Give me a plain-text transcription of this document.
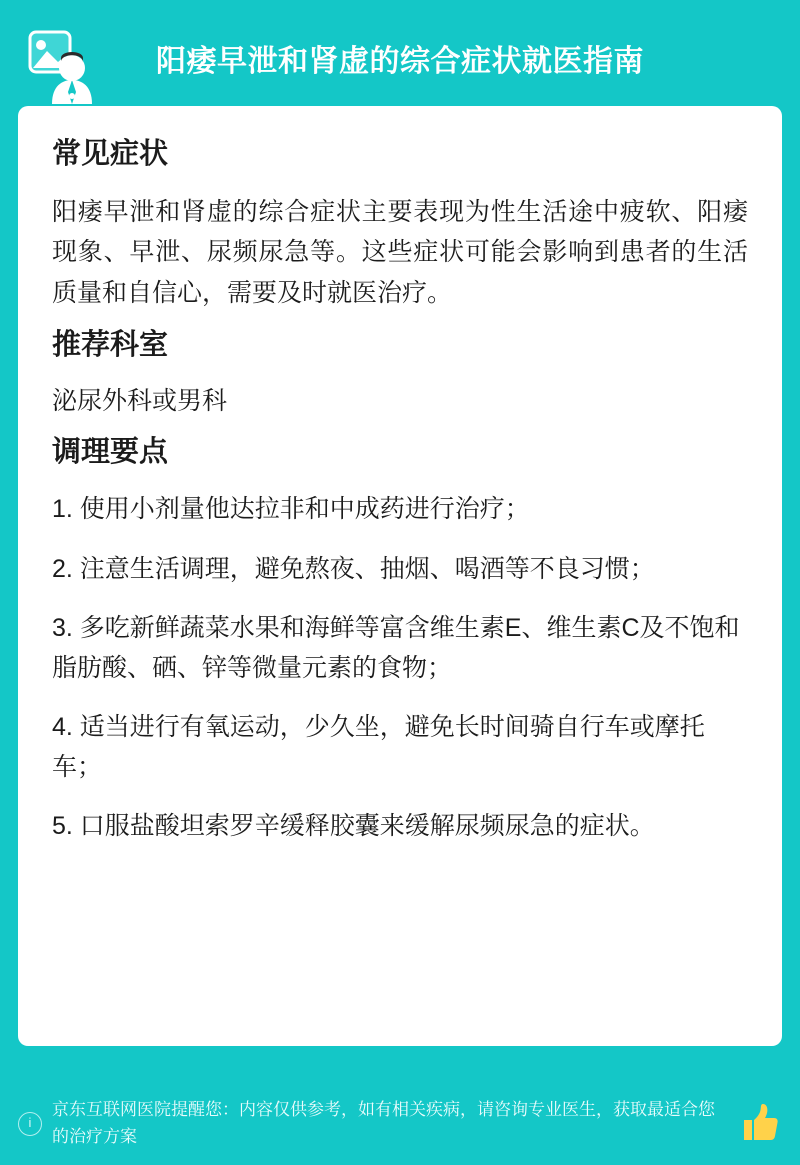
阳痿早泄和肾虚的综合症状就医指南
常见症状

阳痿早泄和肾虚的综合症状主要表现为性生活途中疲软、阳痿现象、早泄、尿频尿急等。这些症状可能会影响到患者的生活质量和自信心，需要及时就医治疗。

推荐科室

泌尿外科或男科

调理要点
1. 使用小剂量他达拉非和中成药进行治疗；
2. 注意生活调理，避免熬夜、抽烟、喝酒等不良习惯；
3. 多吃新鲜蔬菜水果和海鲜等富含维生素E、维生素C及不饱和脂肪酸、硒、锌等微量元素的食物；
4. 适当进行有氧运动，少久坐，避免长时间骑自行车或摩托车；
5. 口服盐酸坦索罗辛缓释胶囊来缓解尿频尿急的症状。
i
京东互联网医院提醒您：内容仅供参考，如有相关疾病，请咨询专业医生，获取最适合您的治疗方案
